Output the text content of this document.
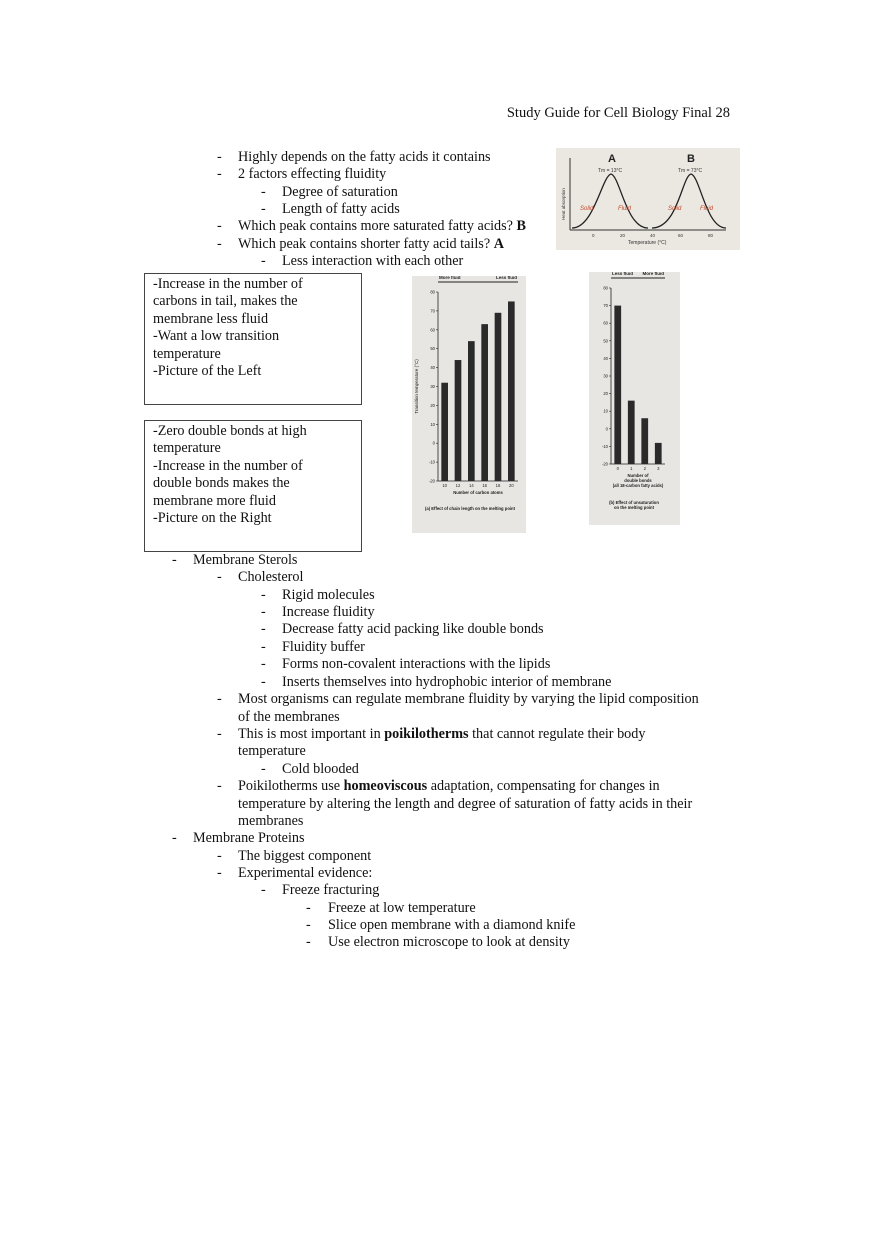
Study Guide for Cell Biology Final 28
- Highly depends on the fatty acids it contains
- 2 factors effecting fluidity
- Degree of saturation
- Length of fatty acids
- Which peak contains more saturated fatty acids? B
- Which peak contains shorter fatty acid tails? A
- Less interaction with each other
- Membrane Sterols
- Cholesterol
- Rigid molecules
- Increase fluidity
- Decrease fatty acid packing like double bonds
- Fluidity buffer
- Forms non-covalent interactions with the lipids
- Inserts themselves into hydrophobic interior of membrane
- Most organisms can regulate membrane fluidity by varying the lipid composition
of the membranes
- This is most important in poikilotherms that cannot regulate their body
temperature
- Cold blooded
- Poikilotherms use homeoviscous adaptation, compensating for changes in
temperature by altering the length and degree of saturation of fatty acids in their
membranes
- Membrane Proteins
- The biggest component
- Experimental evidence:
- Freeze fracturing
- Freeze at low temperature
- Slice open membrane with a diamond knife
- Use electron microscope to look at density
-Increase in the number of
carbons in tail, makes the
membrane less fluid
-Want a low transition
temperature
-Picture of the Left
-Zero double bonds at high
temperature
-Increase in the number of
double bonds makes the
membrane more fluid
-Picture on the Right
A	B
Tm = 13°C	Tm = 73°C
Solid	Fluid	Solid	Fluid
Heat absorption
0	20	40	60	80
Temperature (°C)
More fluid	Less fluid
80
70
60
50
40
30
20
10
0
-10
-20
Transition temperature (°C)
10 12 14 16 18 20
Number of carbon atoms
(a) Effect of chain length on the melting point
Less fluid More fluid
80
70
60
50
40
30
20
10
0
-10
-20
0	1	2	3
Number of
double bonds
(all 18-carbon fatty acids)
(b) Effect of unsaturation
on the melting point
